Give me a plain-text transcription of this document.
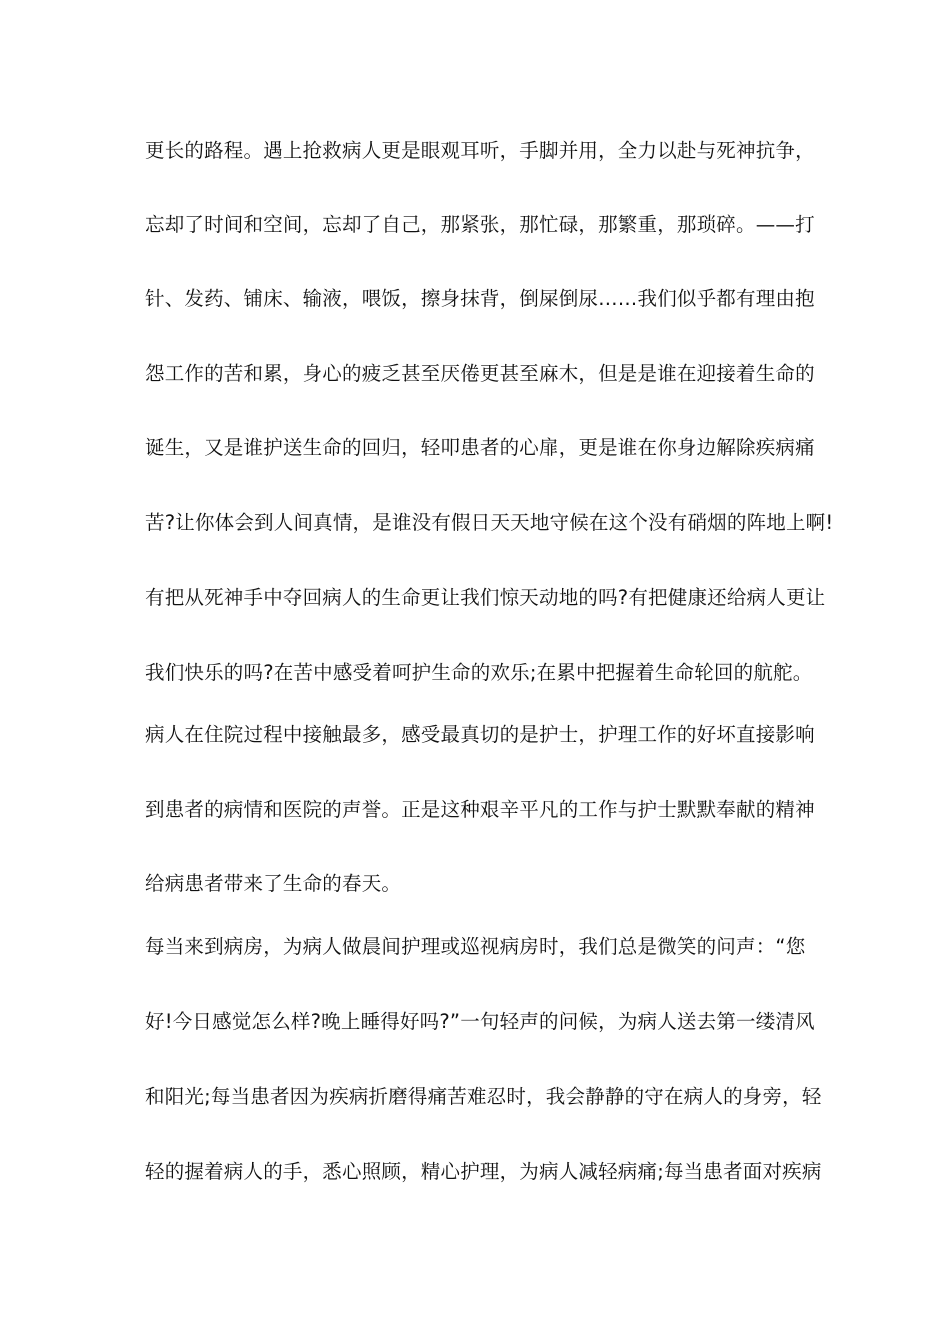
更长的路程。遇上抢救病人更是眼观耳听，手脚并用，全力以赴与死神抗争，
忘却了时间和空间，忘却了自己，那紧张，那忙碌，那繁重，那琐碎。——打
针、发药、铺床、输液，喂饭，擦身抹背，倒屎倒尿……我们似乎都有理由抱
怨工作的苦和累，身心的疲乏甚至厌倦更甚至麻木，但是是谁在迎接着生命的
诞生，又是谁护送生命的回归，轻叩患者的心扉，更是谁在你身边解除疾病痛
苦?让你体会到人间真情，是谁没有假日天天地守候在这个没有硝烟的阵地上啊!
有把从死神手中夺回病人的生命更让我们惊天动地的吗?有把健康还给病人更让
我们快乐的吗?在苦中感受着呵护生命的欢乐;在累中把握着生命轮回的航舵。
病人在住院过程中接触最多，感受最真切的是护士，护理工作的好坏直接影响
到患者的病情和医院的声誉。正是这种艰辛平凡的工作与护士默默奉献的精神
给病患者带来了生命的春天。
每当来到病房，为病人做晨间护理或巡视病房时，我们总是微笑的问声：“您
好!今日感觉怎么样?晚上睡得好吗?”一句轻声的问候，为病人送去第一缕清风
和阳光;每当患者因为疾病折磨得痛苦难忍时，我会静静的守在病人的身旁，轻
轻的握着病人的手，悉心照顾，精心护理，为病人减轻病痛;每当患者面对疾病
